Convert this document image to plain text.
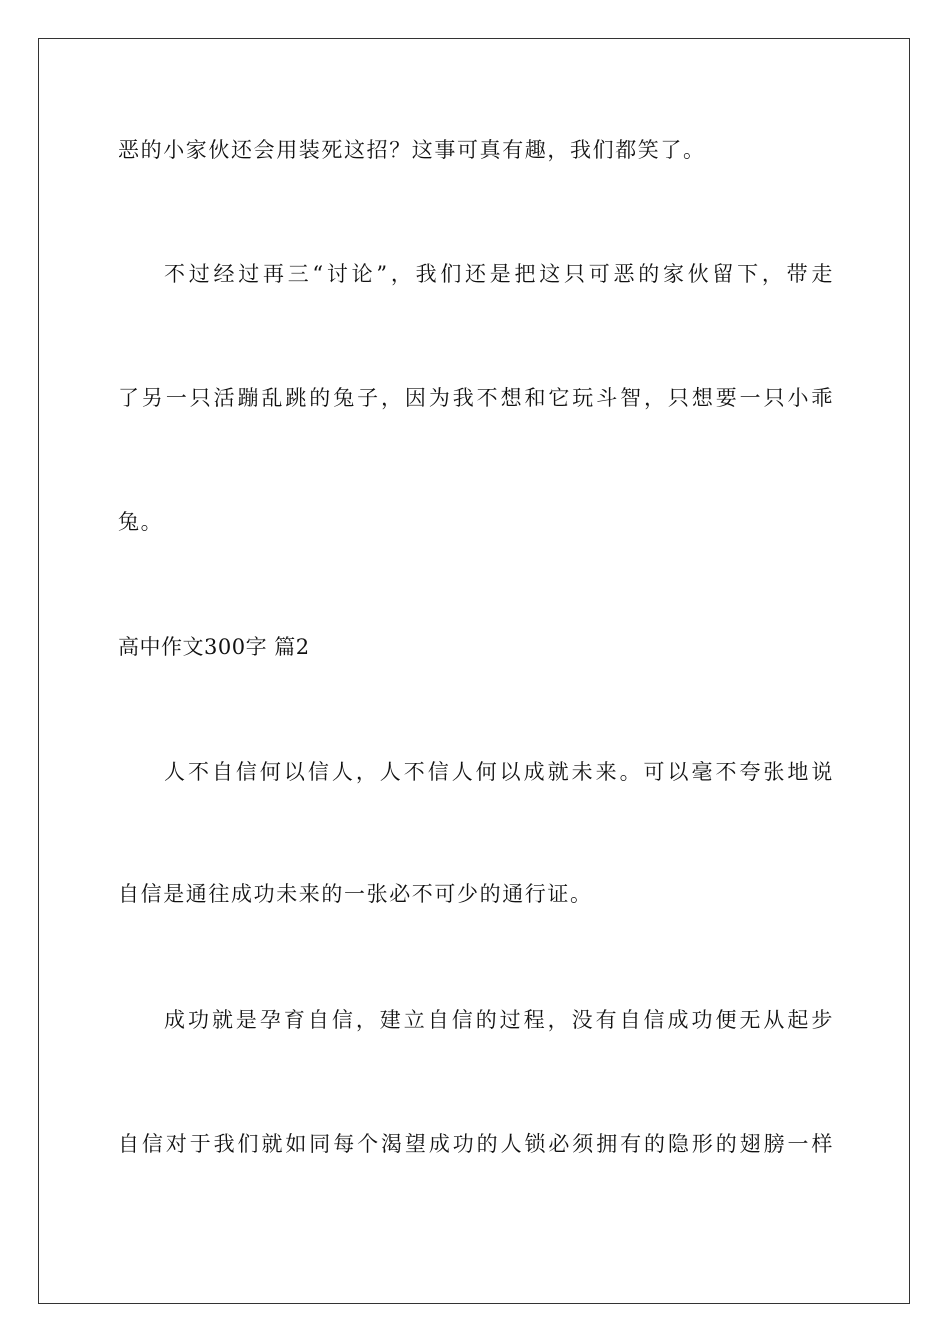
恶的小家伙还会用装死这招？这事可真有趣，我们都笑了。
不过经过再三“讨论”，我们还是把这只可恶的家伙留下，带走
了另一只活蹦乱跳的兔子，因为我不想和它玩斗智，只想要一只小乖
兔。
高中作文300字 篇2
人不自信何以信人，人不信人何以成就未来。可以毫不夸张地说
自信是通往成功未来的一张必不可少的通行证。
成功就是孕育自信，建立自信的过程，没有自信成功便无从起步
自信对于我们就如同每个渴望成功的人锁必须拥有的隐形的翅膀一样
